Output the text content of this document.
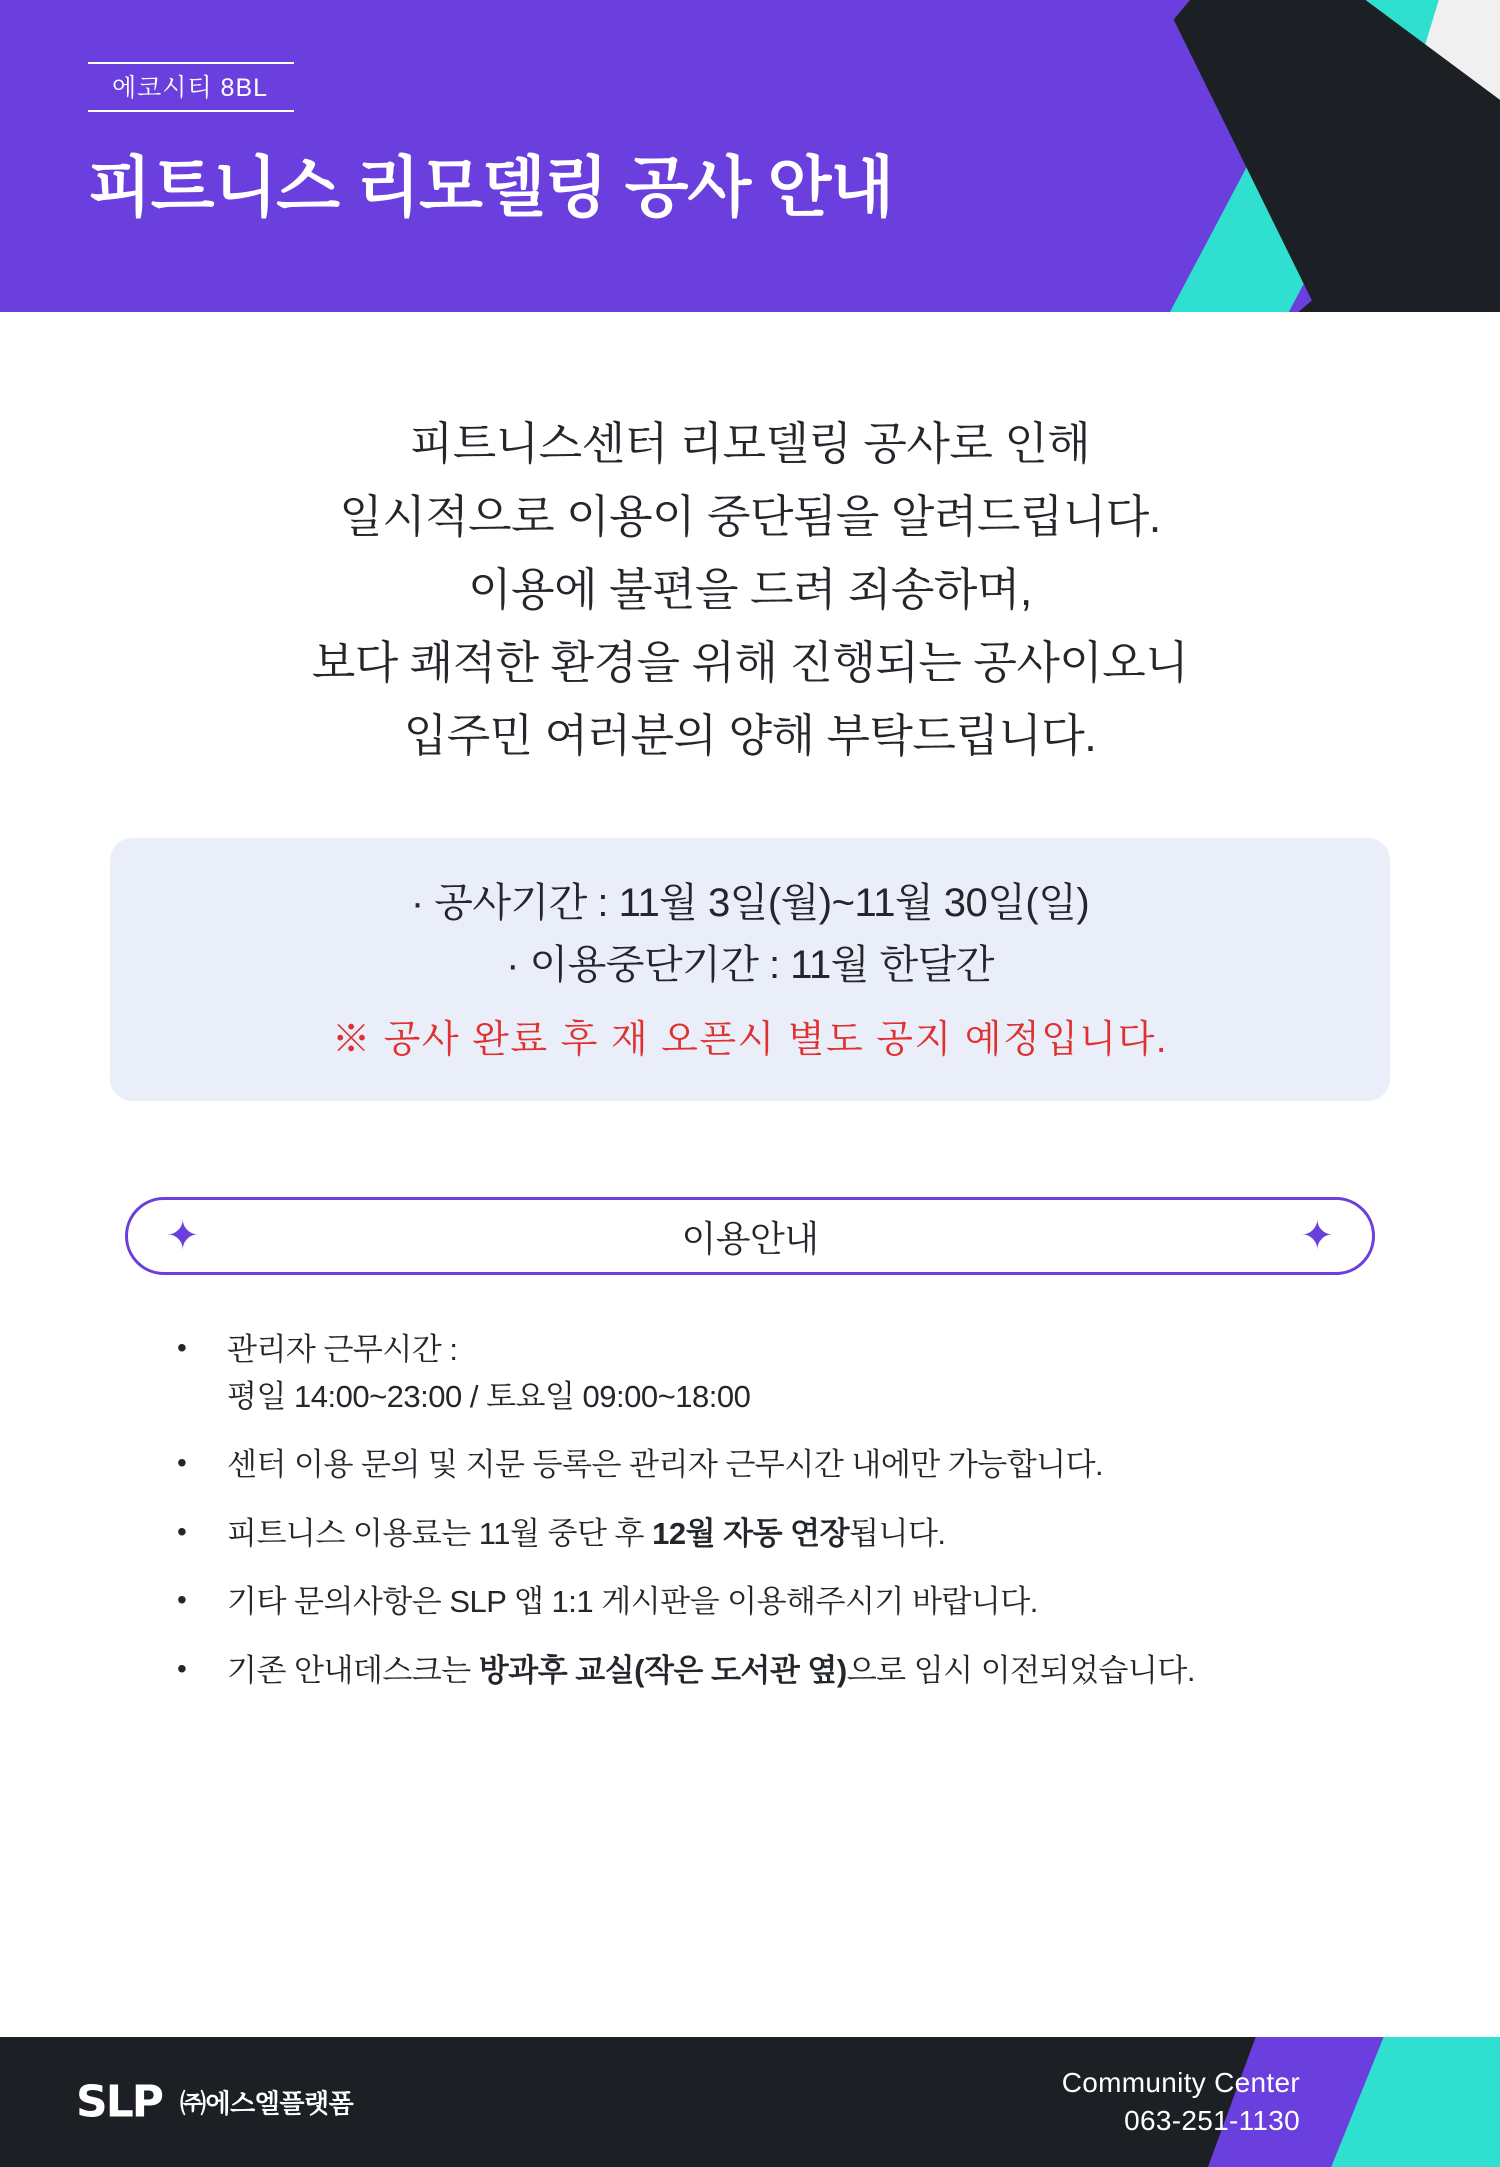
에코시티 8BL
피트니스 리모델링 공사 안내
피트니스센터 리모델링 공사로 인해
일시적으로 이용이 중단됨을 알려드립니다.
이용에 불편을 드려 죄송하며,
보다 쾌적한 환경을 위해 진행되는 공사이오니
입주민 여러분의 양해 부탁드립니다.
· 공사기간 : 11월 3일(월)~11월 30일(일)
· 이용중단기간 : 11월 한달간
※ 공사 완료 후 재 오픈시 별도 공지 예정입니다.
✦	이용안내	✦
• 관리자 근무시간 :
평일 14:00~23:00 / 토요일 09:00~18:00
• 센터 이용 문의 및 지문 등록은 관리자 근무시간 내에만 가능합니다.
• 피트니스 이용료는 11월 중단 후 12월 자동 연장됩니다.
• 기타 문의사항은 SLP 앱 1:1 게시판을 이용해주시기 바랍니다.
• 기존 안내데스크는 방과후 교실(작은 도서관 옆)으로 임시 이전되었습니다.
SLP ㈜에스엘플랫폼
Community Center
063-251-1130
